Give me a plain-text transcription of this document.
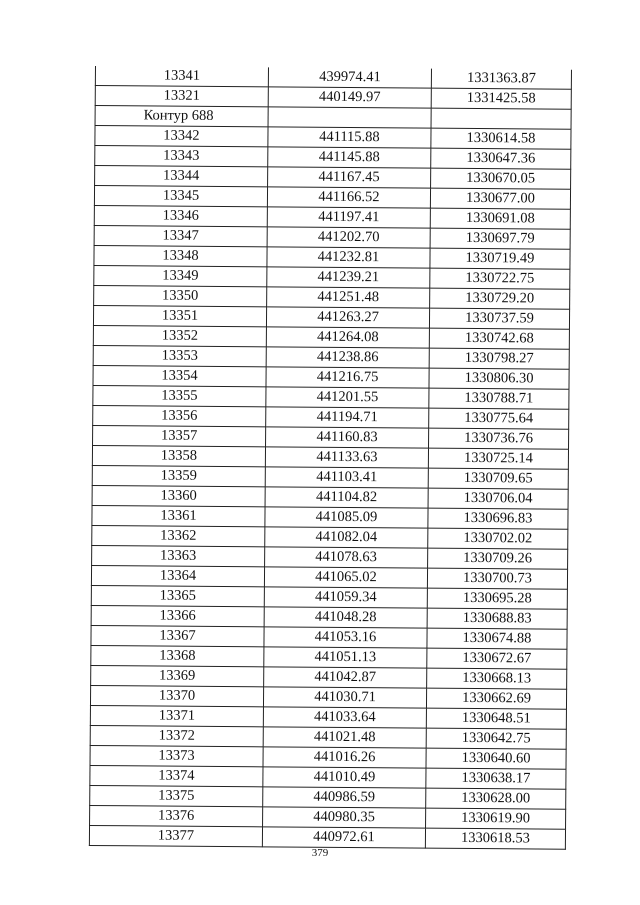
13341	439974.41	1331363.87
13321	440149.97	1331425.58
Контур 688		
13342	441115.88	1330614.58
13343	441145.88	1330647.36
13344	441167.45	1330670.05
13345	441166.52	1330677.00
13346	441197.41	1330691.08
13347	441202.70	1330697.79
13348	441232.81	1330719.49
13349	441239.21	1330722.75
13350	441251.48	1330729.20
13351	441263.27	1330737.59
13352	441264.08	1330742.68
13353	441238.86	1330798.27
13354	441216.75	1330806.30
13355	441201.55	1330788.71
13356	441194.71	1330775.64
13357	441160.83	1330736.76
13358	441133.63	1330725.14
13359	441103.41	1330709.65
13360	441104.82	1330706.04
13361	441085.09	1330696.83
13362	441082.04	1330702.02
13363	441078.63	1330709.26
13364	441065.02	1330700.73
13365	441059.34	1330695.28
13366	441048.28	1330688.83
13367	441053.16	1330674.88
13368	441051.13	1330672.67
13369	441042.87	1330668.13
13370	441030.71	1330662.69
13371	441033.64	1330648.51
13372	441021.48	1330642.75
13373	441016.26	1330640.60
13374	441010.49	1330638.17
13375	440986.59	1330628.00
13376	440980.35	1330619.90
13377	440972.61	1330618.53
379
